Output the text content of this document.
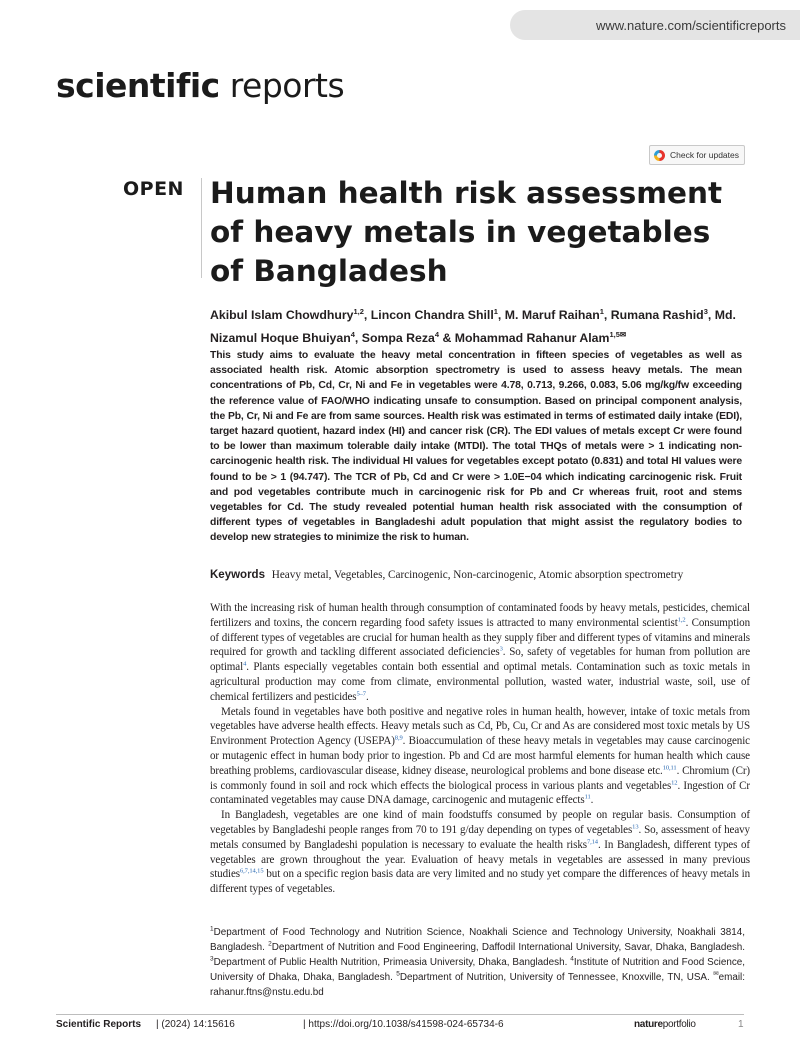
www.nature.com/scientificreports
scientific reports
Check for updates
OPEN Human health risk assessment of heavy metals in vegetables of Bangladesh
Akibul Islam Chowdhury$^{1,2}$, Lincon Chandra Shill$^1$, M. Maruf Raihan$^1$, Rumana Rashid$^3$, Md. Nizamul Hoque Bhuiyan$^4$, Sompa Reza$^4$ & Mohammad Rahanur Alam$^{1,5✉}$
This study aims to evaluate the heavy metal concentration in fifteen species of vegetables as well as associated health risk. Atomic absorption spectrometry is used to assess heavy metals. The mean concentrations of Pb, Cd, Cr, Ni and Fe in vegetables were 4.78, 0.713, 9.266, 0.083, 5.06 mg/kg/fw exceeding the reference value of FAO/WHO indicating unsafe to consumption. Based on principal component analysis, the Pb, Cr, Ni and Fe are from same sources. Health risk was estimated in terms of estimated daily intake (EDI), target hazard quotient, hazard index (HI) and cancer risk (CR). The EDI values of metals except Cr were found to be lower than maximum tolerable daily intake (MTDI). The total THQs of metals were > 1 indicating non-carcinogenic health risk. The individual HI values for vegetables except potato (0.831) and total HI values were found to be > 1 (94.747). The TCR of Pb, Cd and Cr were > 1.0E−04 which indicating carcinogenic risk. Fruit and pod vegetables contribute much in carcinogenic risk for Pb and Cr whereas fruit, root and stems vegetables for Cd. The study revealed potential human health risk associated with the consumption of different types of vegetables in Bangladeshi adult population that might assist the regulatory bodies to develop new strategies to minimize the risk to human.
Keywords Heavy metal, Vegetables, Carcinogenic, Non-carcinogenic, Atomic absorption spectrometry

With the increasing risk of human health through consumption of contaminated foods by heavy metals, pesticides, chemical fertilizers and toxins, the concern regarding food safety issues is attracted to many environmental scientist$^{1,2}$. Consumption of different types of vegetables are crucial for human health as they supply fiber and different types of vitamins and minerals required for growth and tackling different associated deficiencies$^3$. So, safety of vegetables for human from pollution are optimal$^4$. Plants especially vegetables contain both essential and optimal metals. Contamination such as toxic metals in agricultural production may come from climate, environmental pollution, wasted water, industrial waste, soil, use of chemical fertilizers and pesticides$^{5-7}$.

Metals found in vegetables have both positive and negative roles in human health, however, intake of toxic metals from vegetables have adverse health effects. Heavy metals such as Cd, Pb, Cu, Cr and As are considered most toxic metals by US Environment Protection Agency (USEPA)$^{8,9}$. Bioaccumulation of these heavy metals in vegetables may cause carcinogenic or mutagenic effect in human body prior to ingestion. Pb and Cd are most harmful elements for human health which cause breathing problems, cardiovascular disease, kidney disease, neurological problems and bone disease etc.$^{10,11}$. Chromium (Cr) is commonly found in soil and rock which effects the biological process in various plants and vegetables$^{12}$. Ingestion of Cr contaminated vegetables may cause DNA damage, carcinogenic and mutagenic effects$^{11}$.

In Bangladesh, vegetables are one kind of main foodstuffs consumed by people on regular basis. Consumption of vegetables by Bangladeshi people ranges from 70 to 191 g/day depending on types of vegetables$^{13}$. So, assessment of heavy metals consumed by Bangladeshi population is necessary to evaluate the health risks$^{7,14}$. In Bangladesh, different types of vegetables are grown throughout the year. Evaluation of heavy metals in vegetables are assessed in many previous studies$^{6,7,14,15}$ but on a specific region basis data are very limited and no study yet compare the differences of heavy metals in different types of vegetables.

$^1$Department of Food Technology and Nutrition Science, Noakhali Science and Technology University, Noakhali 3814, Bangladesh. $^2$Department of Nutrition and Food Engineering, Daffodil International University, Savar, Dhaka, Bangladesh. $^3$Department of Public Health Nutrition, Primeasia University, Dhaka, Bangladesh. $^4$Institute of Nutrition and Food Science, University of Dhaka, Dhaka, Bangladesh. $^5$Department of Nutrition, University of Tennessee, Knoxville, TN, USA. ✉email: rahanur.ftns@nstu.edu.bd
Scientific Reports | (2024) 14:15616	| https://doi.org/10.1038/s41598-024-65734-6	natureportfolio	1
